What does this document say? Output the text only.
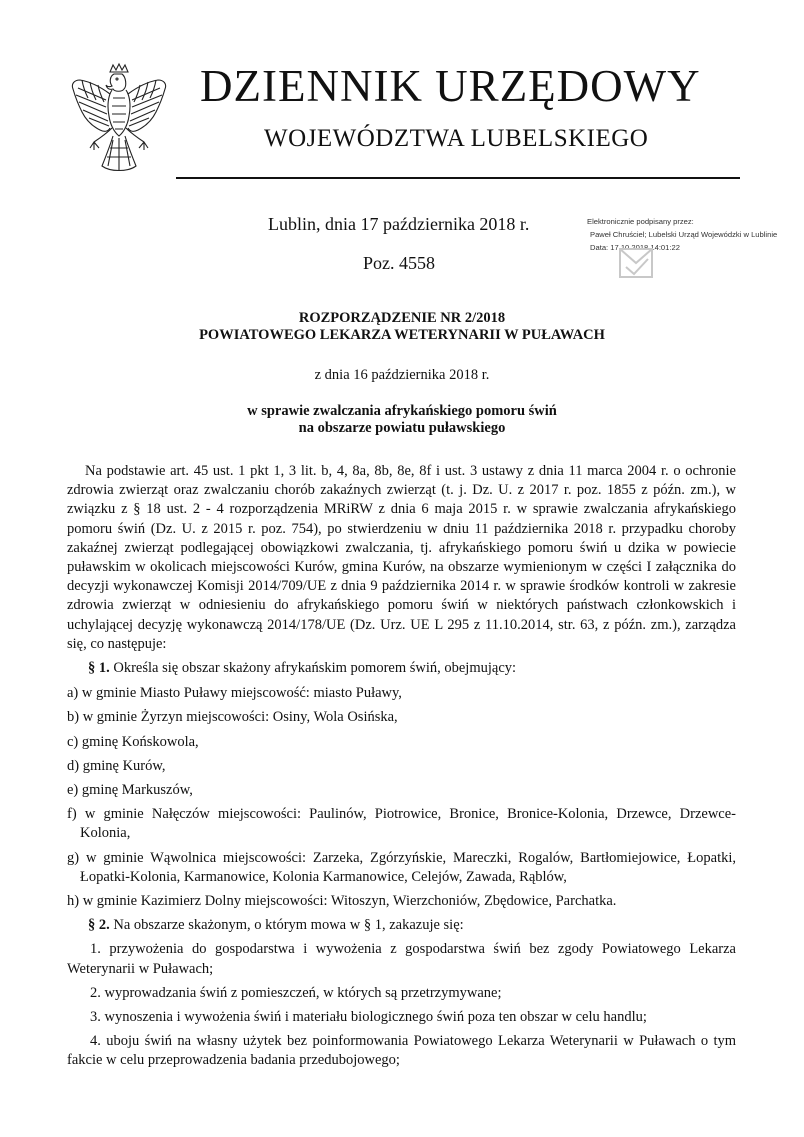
DZIENNIK URZĘDOWY
WOJEWÓDZTWA LUBELSKIEGO
Lublin, dnia 17 października 2018 r.
Poz. 4558
Elektronicznie podpisany przez:
Paweł Chruściel; Lubelski Urząd Wojewódzki w Lublinie
Data: 17.10.2018 14:01:22
ROZPORZĄDZENIE NR 2/2018
POWIATOWEGO LEKARZA WETERYNARII W PUŁAWACH
z dnia 16 października 2018 r.
w sprawie zwalczania afrykańskiego pomoru świń
na obszarze powiatu puławskiego

Na podstawie art. 45 ust. 1 pkt 1, 3 lit. b, 4, 8a, 8b, 8e, 8f i ust. 3 ustawy z dnia 11 marca 2004 r. o ochronie zdrowia zwierząt oraz zwalczaniu chorób zakaźnych zwierząt (t. j. Dz. U. z 2017 r. poz. 1855 z późn. zm.), w związku z § 18 ust. 2 - 4 rozporządzenia MRiRW z dnia 6 maja 2015 r. w sprawie zwalczania afrykańskiego pomoru świń (Dz. U. z 2015 r. poz. 754), po stwierdzeniu w dniu 11 października 2018 r. przypadku choroby zakaźnej zwierząt podlegającej obowiązkowi zwalczania, tj. afrykańskiego pomoru świń u dzika w powiecie puławskim w okolicach miejscowości Kurów, gmina Kurów, na obszarze wymienionym w części I załącznika do decyzji wykonawczej Komisji 2014/709/UE z dnia 9 października 2014 r. w sprawie środków kontroli w zakresie zdrowia zwierząt w odniesieniu do afrykańskiego pomoru świń w niektórych państwach członkowskich i uchylającej decyzję wykonawczą 2014/178/UE (Dz. Urz. UE L 295 z 11.10.2014, str. 63, z późn. zm.), zarządza się, co następuje:

§ 1. Określa się obszar skażony afrykańskim pomorem świń, obejmujący:

a) w gminie Miasto Puławy miejscowość: miasto Puławy,

b) w gminie Żyrzyn miejscowości: Osiny, Wola Osińska,

c) gminę Końskowola,

d) gminę Kurów,

e) gminę Markuszów,

f) w gminie Nałęczów miejscowości: Paulinów, Piotrowice, Bronice, Bronice-Kolonia, Drzewce, Drzewce-Kolonia,

g) w gminie Wąwolnica miejscowości: Zarzeka, Zgórzyńskie, Mareczki, Rogalów, Bartłomiejowice, Łopatki, Łopatki-Kolonia, Karmanowice, Kolonia Karmanowice, Celejów, Zawada, Rąblów,

h) w gminie Kazimierz Dolny miejscowości: Witoszyn, Wierzchoniów, Zbędowice, Parchatka.

§ 2. Na obszarze skażonym, o którym mowa w § 1, zakazuje się:

1. przywożenia do gospodarstwa i wywożenia z gospodarstwa świń bez zgody Powiatowego Lekarza Weterynarii w Puławach;

2. wyprowadzania świń z pomieszczeń, w których są przetrzymywane;

3. wynoszenia i wywożenia świń i materiału biologicznego świń poza ten obszar w celu handlu;

4. uboju świń na własny użytek bez poinformowania Powiatowego Lekarza Weterynarii w Puławach o tym fakcie w celu przeprowadzenia badania przedubojowego;
